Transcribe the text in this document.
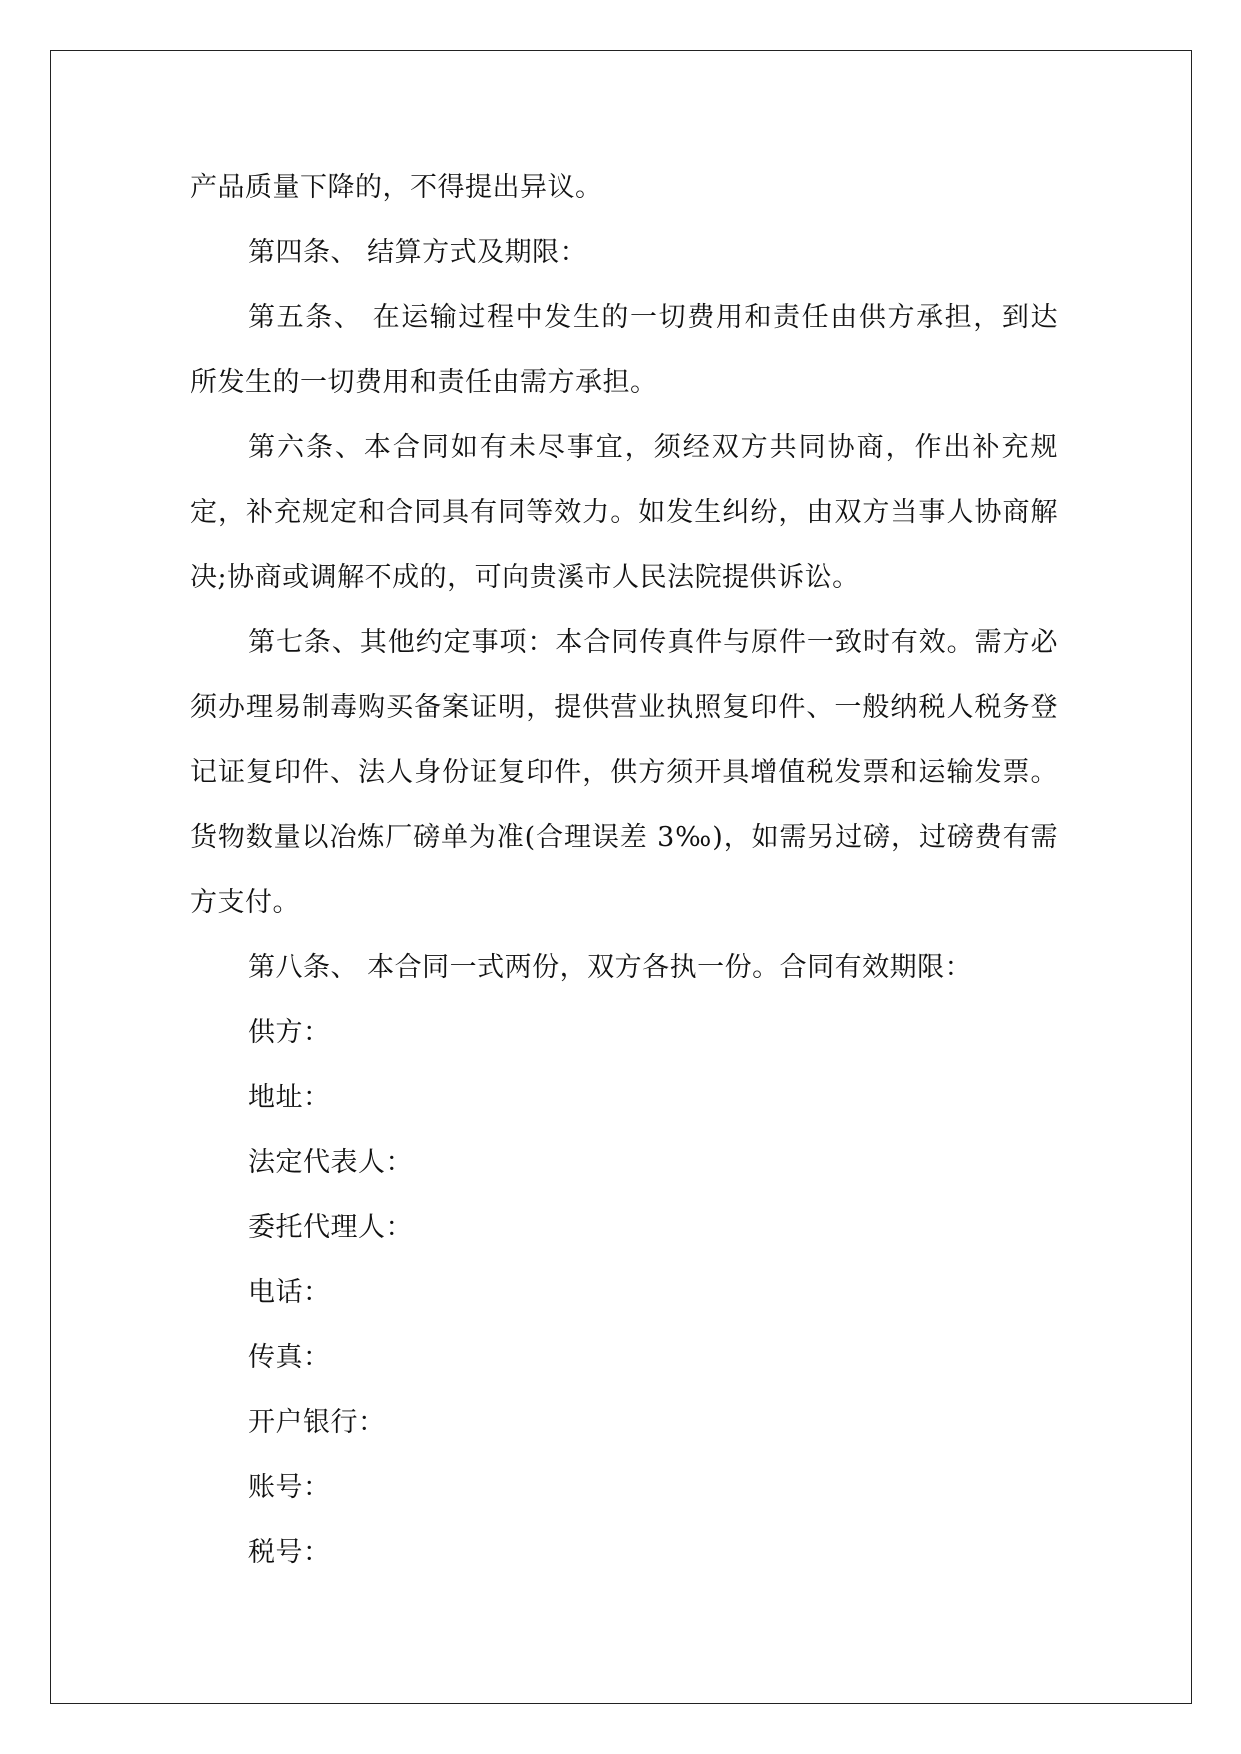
产品质量下降的，不得提出异议。

第四条、 结算方式及期限：

第五条、 在运输过程中发生的一切费用和责任由供方承担，到达 所发生的一切费用和责任由需方承担。

第六条、本合同如有未尽事宜，须经双方共同协商，作出补充规定，补充规定和合同具有同等效力。如发生纠纷，由双方当事人协商解决;协商或调解不成的，可向贵溪市人民法院提供诉讼。

第七条、其他约定事项：本合同传真件与原件一致时有效。需方必须办理易制毒购买备案证明，提供营业执照复印件、一般纳税人税务登记证复印件、法人身份证复印件，供方须开具增值税发票和运输发票。货物数量以冶炼厂磅单为准(合理误差 3‰)，如需另过磅，过磅费有需方支付。

第八条、 本合同一式两份，双方各执一份。合同有效期限：

供方：

地址：

法定代表人：

委托代理人：

电话：

传真：

开户银行：

账号：

税号：
